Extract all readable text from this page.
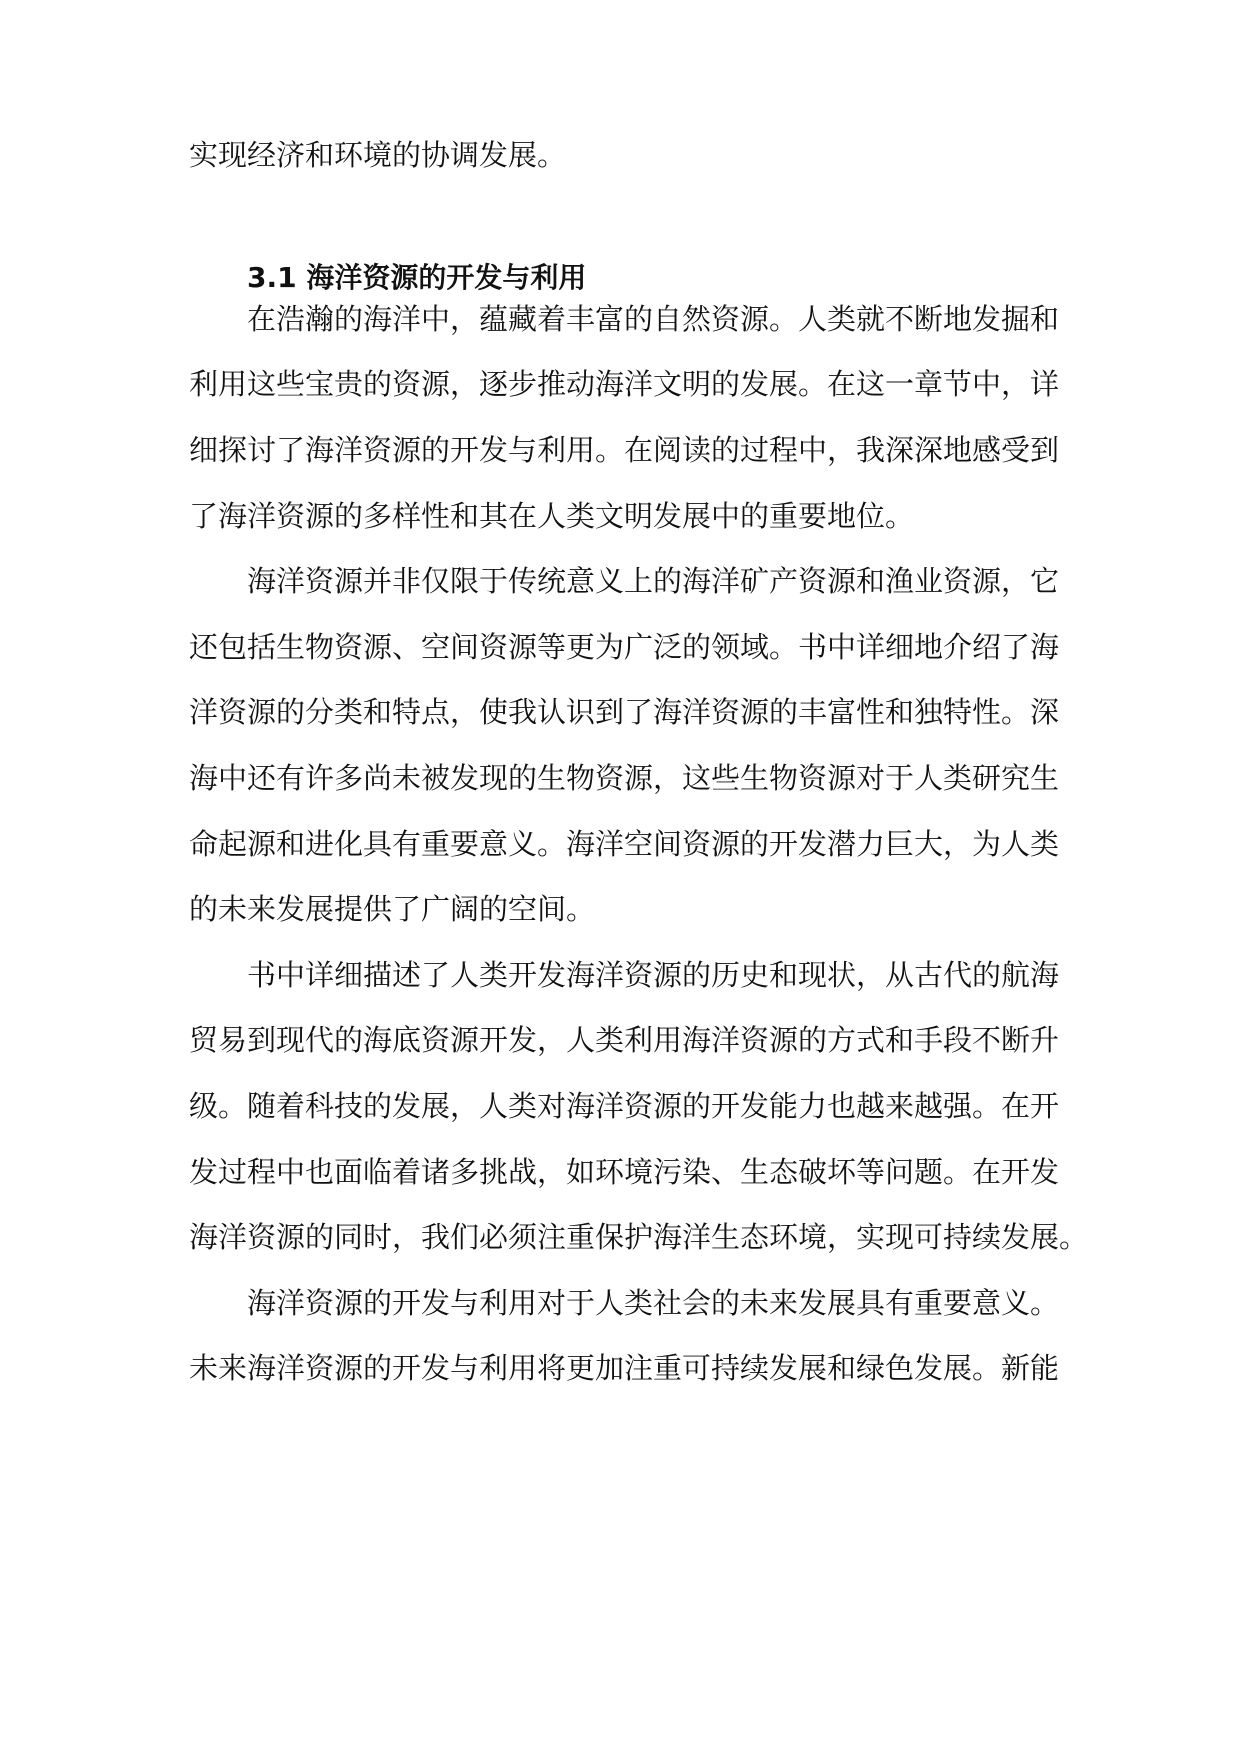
实现经济和环境的协调发展。

3.1 海洋资源的开发与利用

在浩瀚的海洋中，蕴藏着丰富的自然资源。人类就不断地发掘和

利用这些宝贵的资源，逐步推动海洋文明的发展。在这一章节中，详

细探讨了海洋资源的开发与利用。在阅读的过程中，我深深地感受到

了海洋资源的多样性和其在人类文明发展中的重要地位。

海洋资源并非仅限于传统意义上的海洋矿产资源和渔业资源，它

还包括生物资源、空间资源等更为广泛的领域。书中详细地介绍了海

洋资源的分类和特点，使我认识到了海洋资源的丰富性和独特性。深

海中还有许多尚未被发现的生物资源，这些生物资源对于人类研究生

命起源和进化具有重要意义。海洋空间资源的开发潜力巨大，为人类

的未来发展提供了广阔的空间。

书中详细描述了人类开发海洋资源的历史和现状，从古代的航海

贸易到现代的海底资源开发，人类利用海洋资源的方式和手段不断升

级。随着科技的发展，人类对海洋资源的开发能力也越来越强。在开

发过程中也面临着诸多挑战，如环境污染、生态破坏等问题。在开发

海洋资源的同时，我们必须注重保护海洋生态环境，实现可持续发展。

海洋资源的开发与利用对于人类社会的未来发展具有重要意义。

未来海洋资源的开发与利用将更加注重可持续发展和绿色发展。新能
